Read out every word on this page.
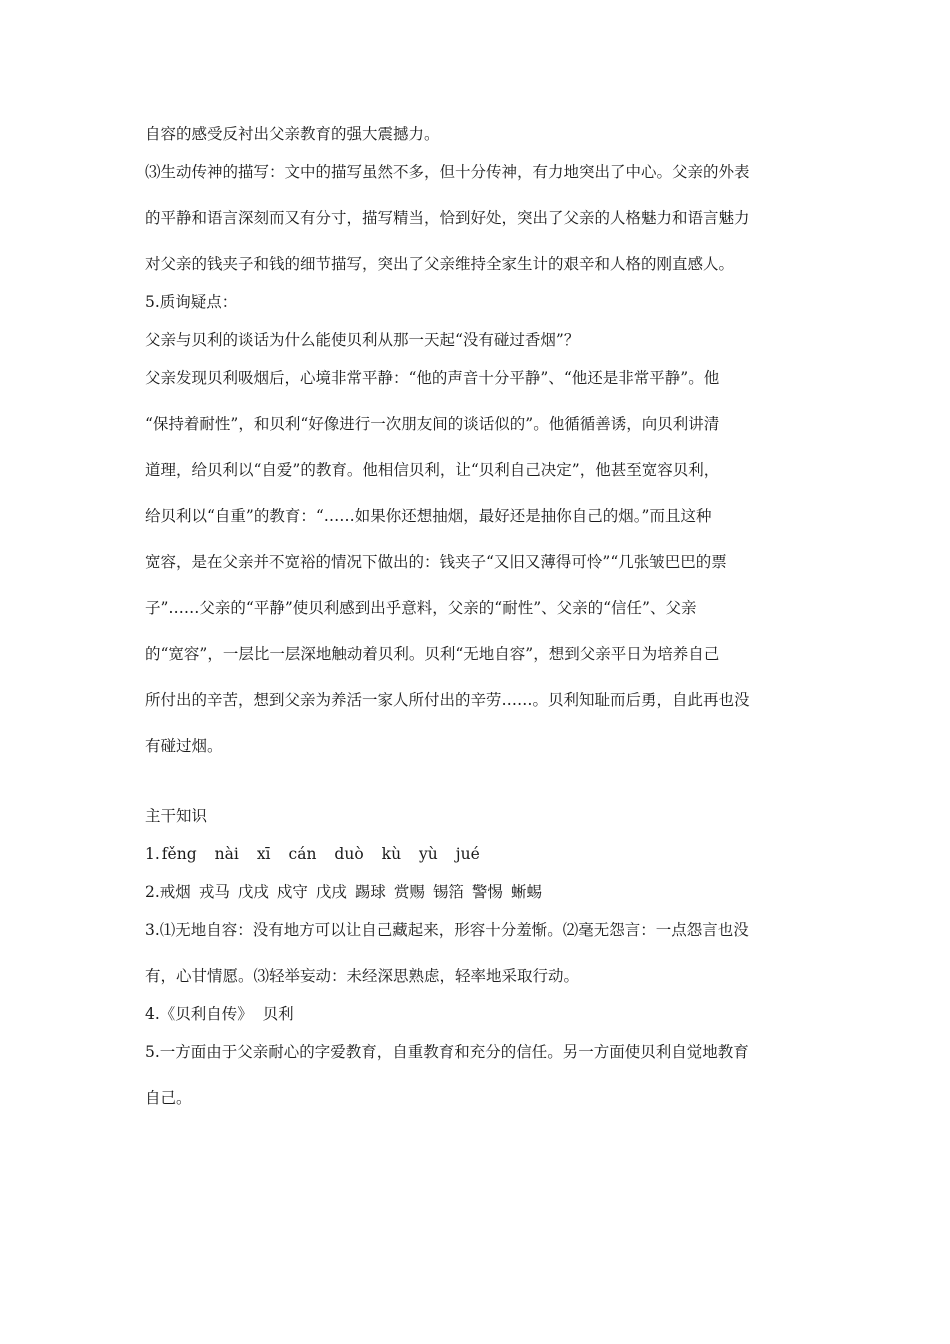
自容的感受反衬出父亲教育的强大震撼力。

⑶生动传神的描写：文中的描写虽然不多，但十分传神，有力地突出了中心。父亲的外表

的平静和语言深刻而又有分寸，描写精当，恰到好处，突出了父亲的人格魅力和语言魅力

对父亲的钱夹子和钱的细节描写，突出了父亲维持全家生计的艰辛和人格的刚直感人。

5.质询疑点：

父亲与贝利的谈话为什么能使贝利从那一天起“没有碰过香烟”？

父亲发现贝利吸烟后，心境非常平静：“他的声音十分平静”、“他还是非常平静”。他

“保持着耐性”，和贝利“好像进行一次朋友间的谈话似的”。他循循善诱，向贝利讲清

道理，给贝利以“自爱”的教育。他相信贝利，让“贝利自己决定”，他甚至宽容贝利，

给贝利以“自重”的教育：“……如果你还想抽烟，最好还是抽你自己的烟。”而且这种

宽容，是在父亲并不宽裕的情况下做出的：钱夹子“又旧又薄得可怜”“几张皱巴巴的票

子”……父亲的“平静”使贝利感到出乎意料，父亲的“耐性”、父亲的“信任”、父亲

的“宽容”，一层比一层深地触动着贝利。贝利“无地自容”，想到父亲平日为培养自己

所付出的辛苦，想到父亲为养活一家人所付出的辛劳……。贝利知耻而后勇，自此再也没

有碰过烟。

主干知识

1. fěng nài xī cán duò kù yù jué
2. 戒烟 戎马 戊戌 戍守 戊戌 踢球 赏赐 锡箔 警惕 蜥蜴

3.⑴无地自容：没有地方可以让自己藏起来，形容十分羞惭。⑵毫无怨言：一点怨言也没

有，心甘情愿。⑶轻举妄动：未经深思熟虑，轻率地采取行动。

4.《贝利自传》  贝利

5.一方面由于父亲耐心的字爱教育，自重教育和充分的信任。另一方面使贝利自觉地教育

自己。
